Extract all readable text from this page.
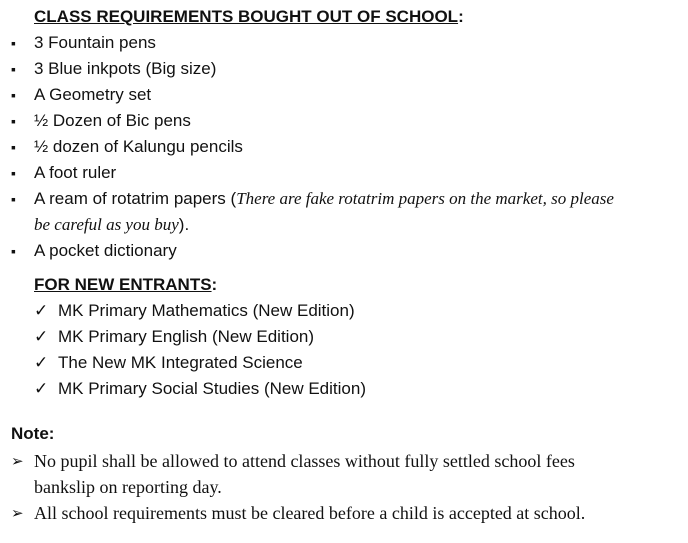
CLASS REQUIREMENTS BOUGHT OUT OF SCHOOL:
▪ 3 Fountain pens
▪ 3 Blue inkpots (Big size)
▪ A Geometry set
▪ ½ Dozen of Bic pens
▪ ½ dozen of Kalungu pencils
▪ A foot ruler
▪ A ream of rotatrim papers (There are fake rotatrim papers on the market, so please
be careful as you buy).
▪ A pocket dictionary
FOR NEW ENTRANTS:
✓ MK Primary Mathematics (New Edition)
✓ MK Primary English (New Edition)
✓ The New MK Integrated Science
✓ MK Primary Social Studies (New Edition)
Note:
➢ No pupil shall be allowed to attend classes without fully settled school fees
bankslip on reporting day.
➢ All school requirements must be cleared before a child is accepted at school.
